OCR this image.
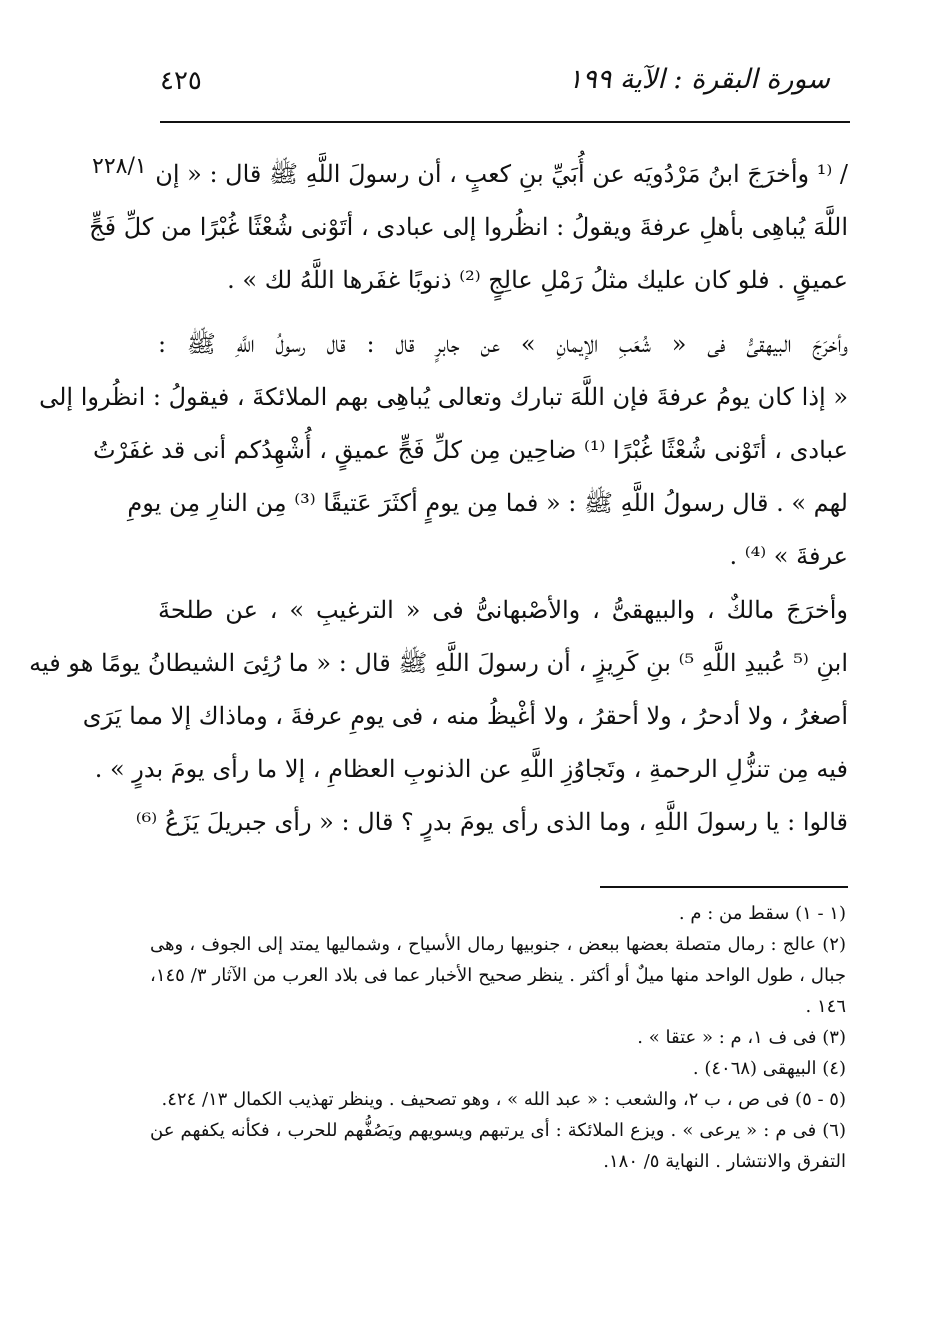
٤٢٥	سورة البقرة : الآية ١٩٩
٢٢٨/١ / ⁽¹ وأخرَجَ ابنُ مَرْدُويَه عن أُبَيِّ بنِ كعبٍ ، أن رسولَ اللَّهِ ﷺ قال : « إن
اللَّهَ يُباهِى بأهلِ عرفةَ ويقولُ : انظُروا إلى عبادى ، أتَوْنى شُعْثًا غُبْرًا من كلِّ فَجٍّ
عميقٍ . فلو كان عليك مثلُ رَمْلِ عالِجٍ ⁽²⁾ ذنوبًا غفَرها اللَّهُ لك » .
وأخرَجَ البيهقىُّ فى « شُعَبِ الإيمانِ » عن جابرٍ قال : قال رسولُ اللَّهِ ﷺ :
« إذا كان يومُ عرفةَ فإن اللَّهَ تبارك وتعالى يُباهِى بهم الملائكةَ ، فيقولُ : انظُروا إلى
عبادى ، أتَوْنى شُعْثًا غُبْرًا ⁽¹⁾ ضاحِين مِن كلِّ فَجٍّ عميقٍ ، أُشْهِدُكم أنى قد غفَرْتُ
لهم » . قال رسولُ اللَّهِ ﷺ : « فما مِن يومٍ أكثَرَ عَتيقًا ⁽³⁾ مِن النارِ مِن يومِ
عرفةَ » ⁽⁴⁾ .
وأخرَجَ مالكٌ ، والبيهقىُّ ، والأصْبهانىُّ فى « الترغيبِ » ، عن طلحةَ
ابنِ ⁽⁵ عُبيدِ اللَّهِ ⁵⁾ بنِ كَرِيزٍ ، أن رسولَ اللَّهِ ﷺ قال : « ما رُئِىَ الشيطانُ يومًا هو فيه
أصغرُ ، ولا أدحرُ ، ولا أحقرُ ، ولا أغْيظُ منه ، فى يومِ عرفةَ ، وماذاك إلا مما يَرَى
فيه مِن تنزُّلِ الرحمةِ ، وتَجاوُزِ اللَّهِ عن الذنوبِ العظامِ ، إلا ما رأى يومَ بدرٍ » .
قالوا : يا رسولَ اللَّهِ ، وما الذى رأى يومَ بدرٍ ؟ قال : « رأى جبريلَ يَزَعُ ⁽⁶⁾
(١ - ١) سقط من : م .
(٢) عالج : رمال متصلة بعضها ببعض ، جنوبيها رمال الأسياح ، وشماليها يمتد إلى الجوف ، وهى جبال ، طول الواحد منها ميلٌ أو أكثر . ينظر صحيح الأخبار عما فى بلاد العرب من الآثار ٣/ ١٤٥، ١٤٦ .
(٣) فى ف ١، م : « عتقا » .
(٤) البيهقى (٤٠٦٨) .
(٥ - ٥) فى ص ، ب ٢، والشعب : « عبد الله » ، وهو تصحيف . وينظر تهذيب الكمال ١٣/ ٤٢٤.
(٦) فى م : « يرعى » . ويزع الملائكة : أى يرتبهم ويسويهم ويَصُفُّهم للحرب ، فكأنه يكفهم عن التفرق والانتشار . النهاية ٥/ ١٨٠.
